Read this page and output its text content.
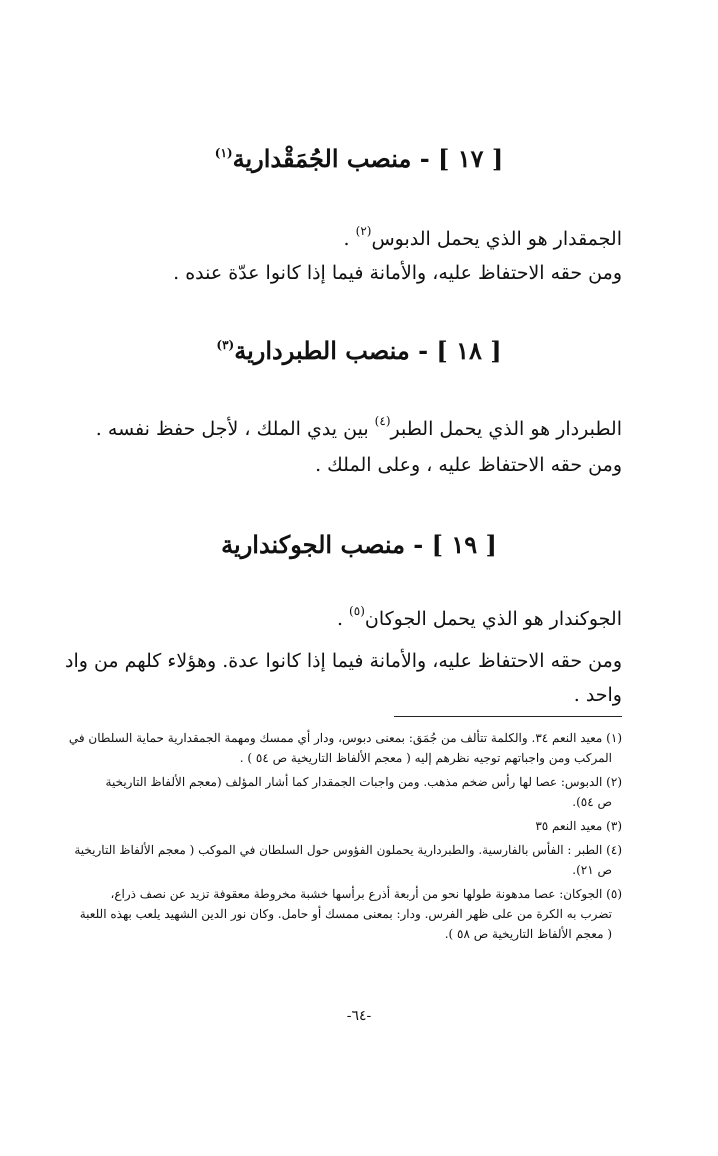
[ ١٧ ] - منصب الجُمَقْدارية$^{(١)}$
الجمقدار هو الذي يحمل الدبوس$^{(٢)}$ .
ومن حقه الاحتفاظ عليه، والأمانة فيما إذا كانوا عدّة عنده .
[ ١٨ ] - منصب الطبردارية$^{(٣)}$
الطبردار هو الذي يحمل الطبر$^{(٤)}$ بين يدي الملك ، لأجل حفظ نفسه .
ومن حقه الاحتفاظ عليه ، وعلى الملك .
[ ١٩ ] - منصب الجوكندارية
الجوكندار هو الذي يحمل الجوكان$^{(٥)}$ .
ومن حقه الاحتفاظ عليه، والأمانة فيما إذا كانوا عدة. وهؤلاء كلهم من واد
واحد .

(١) معيد النعم ٣٤. والكلمة تتألف من جُمَق: بمعنى دبوس، ودار أي ممسك ومهمة الجمقدارية حماية السلطان في
المركب ومن واجباتهم توجيه نظرهم إليه ( معجم الألفاظ التاريخية ص ٥٤ ) .

(٢) الدبوس: عصا لها رأس ضخم مذهب. ومن واجبات الجمقدار كما أشار المؤلف (معجم الألفاظ التاريخية
ص ٥٤).

(٣) معيد النعم ٣٥

(٤) الطبر : الفأس بالفارسية. والطبردارية يحملون الفؤوس حول السلطان في الموكب ( معجم الألفاظ التاريخية
ص ٢١).

(٥) الجوكان: عصا مدهونة طولها نحو من أربعة أذرع برأسها خشبة مخروطة معقوفة تزيد عن نصف ذراع،
تضرب به الكرة من على ظهر الفرس. ودار: بمعنى ممسك أو حامل. وكان نور الدين الشهيد يلعب بهذه اللعبة
( معجم الألفاظ التاريخية ص ٥٨ ).

-٦٤-
